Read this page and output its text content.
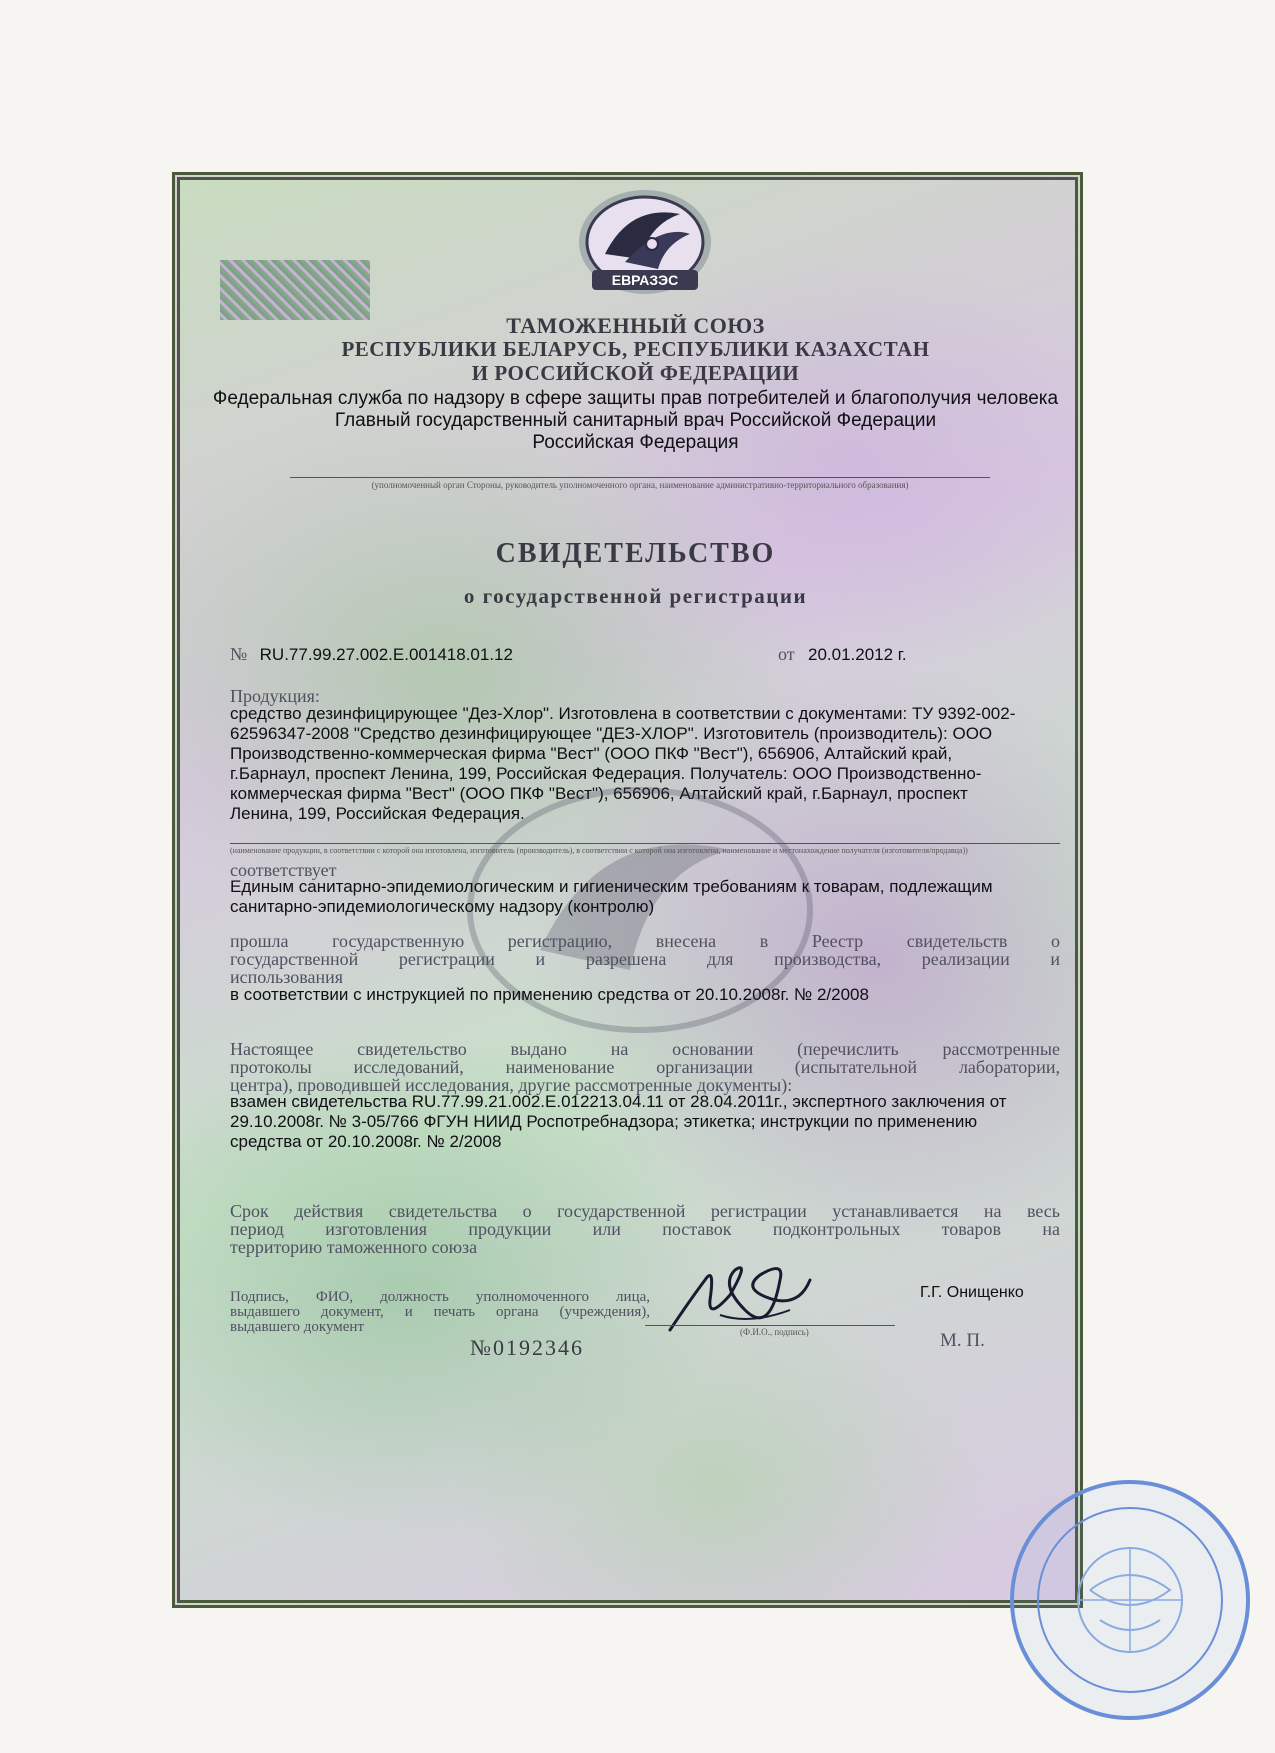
ЕВРАЗЭС
ТАМОЖЕННЫЙ СОЮЗ
РЕСПУБЛИКИ БЕЛАРУСЬ, РЕСПУБЛИКИ КАЗАХСТАН
И РОССИЙСКОЙ ФЕДЕРАЦИИ
Федеральная служба по надзору в сфере защиты прав потребителей и благополучия человека
Главный государственный санитарный врач Российской Федерации
Российская Федерация
(уполномоченный орган Стороны, руководитель уполномоченного органа, наименование административно-территориального образования)
СВИДЕТЕЛЬСТВО
о государственной регистрации
№ RU.77.99.27.002.E.001418.01.12	от 20.01.2012 г.
Продукция:
средство дезинфицирующее "Дез-Хлор". Изготовлена в соответствии с документами: ТУ 9392-002-
62596347-2008 "Средство дезинфицирующее "ДЕЗ-ХЛОР". Изготовитель (производитель): ООО
Производственно-коммерческая фирма "Вест" (ООО ПКФ "Вест"), 656906, Алтайский край,
г.Барнаул, проспект Ленина, 199, Российская Федерация. Получатель: ООО Производственно-
коммерческая фирма "Вест" (ООО ПКФ "Вест"), 656906, Алтайский край, г.Барнаул, проспект
Ленина, 199, Российская Федерация.
(наименование продукции, в соответствии с которой она изготовлена, изготовитель (производитель), в соответствии с которой она изготовлена, наименование и местонахождение получателя (изготовителя/продавца))
соответствует
Единым санитарно-эпидемиологическим и гигиеническим требованиям к товарам, подлежащим
санитарно-эпидемиологическому надзору (контролю)
прошла государственную регистрацию, внесена в Реестр свидетельств о
государственной регистрации и разрешена для производства, реализации и
использования
в соответствии с инструкцией по применению средства от 20.10.2008г. № 2/2008
Настоящее свидетельство выдано на основании (перечислить рассмотренные
протоколы исследований, наименование организации (испытательной лаборатории,
центра), проводившей исследования, другие рассмотренные документы):
взамен свидетельства RU.77.99.21.002.E.012213.04.11 от 28.04.2011г., экспертного заключения от
29.10.2008г. № 3-05/766 ФГУН НИИД Роспотребнадзора; этикетка; инструкции по применению
средства от 20.10.2008г. № 2/2008
Срок действия свидетельства о государственной регистрации устанавливается на весь
период изготовления продукции или поставок подконтрольных товаров на
территорию таможенного союза
Подпись, ФИО, должность уполномоченного лица,
выдавшего документ, и печать органа (учреждения),
выдавшего документ	(Ф.И.О., подпись)
Г.Г. Онищенко
М. П.
№0192346
